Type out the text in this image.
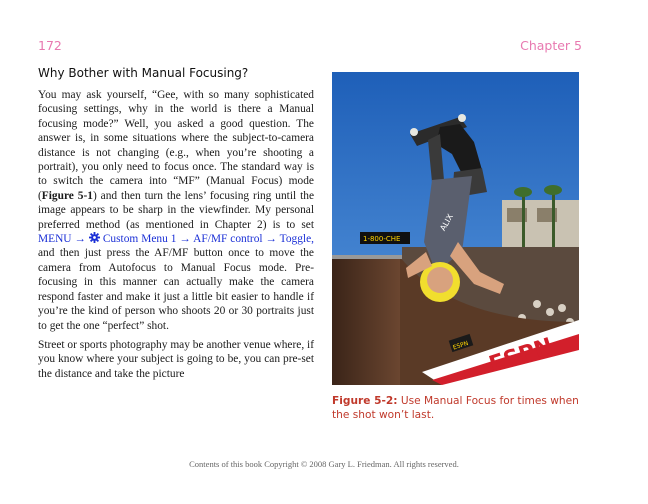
172	Chapter 5
Why Bother with Manual Focusing?

You may ask yourself, “Gee, with so many sophisticated focusing settings, why in the world is there a Manual focusing mode?” Well, you asked a good question. The answer is, in some situations where the subject-to-camera distance is not changing (e.g., when you’re shooting a portrait), you only need to focus once. The standard way is to switch the camera into “MF” (Manual Focus) mode (Figure 5-1) and then turn the lens’ focusing ring until the image appears to be sharp in the viewfinder. My personal preferred method (as mentioned in Chapter 2) is to set MENU →  Custom Menu 1 → AF/MF control → Toggle, and then just press the AF/MF button once to move the camera from Autofocus to Manual Focus mode. Pre-focusing in this manner can actually make the camera respond faster and make it just a little bit easier to handle if you’re the kind of person who shoots 20 or 30 portraits just to get the one “perfect” shot.

Street or sports photography may be another venue where, if you know where your subject is going to be, you can pre-set the distance and take the picture

1-800-CHE
ESPN
ESPN
ALIX
Figure 5-2: Use Manual Focus for times when the shot won’t last.
Contents of this book Copyright © 2008 Gary L. Friedman. All rights reserved.
